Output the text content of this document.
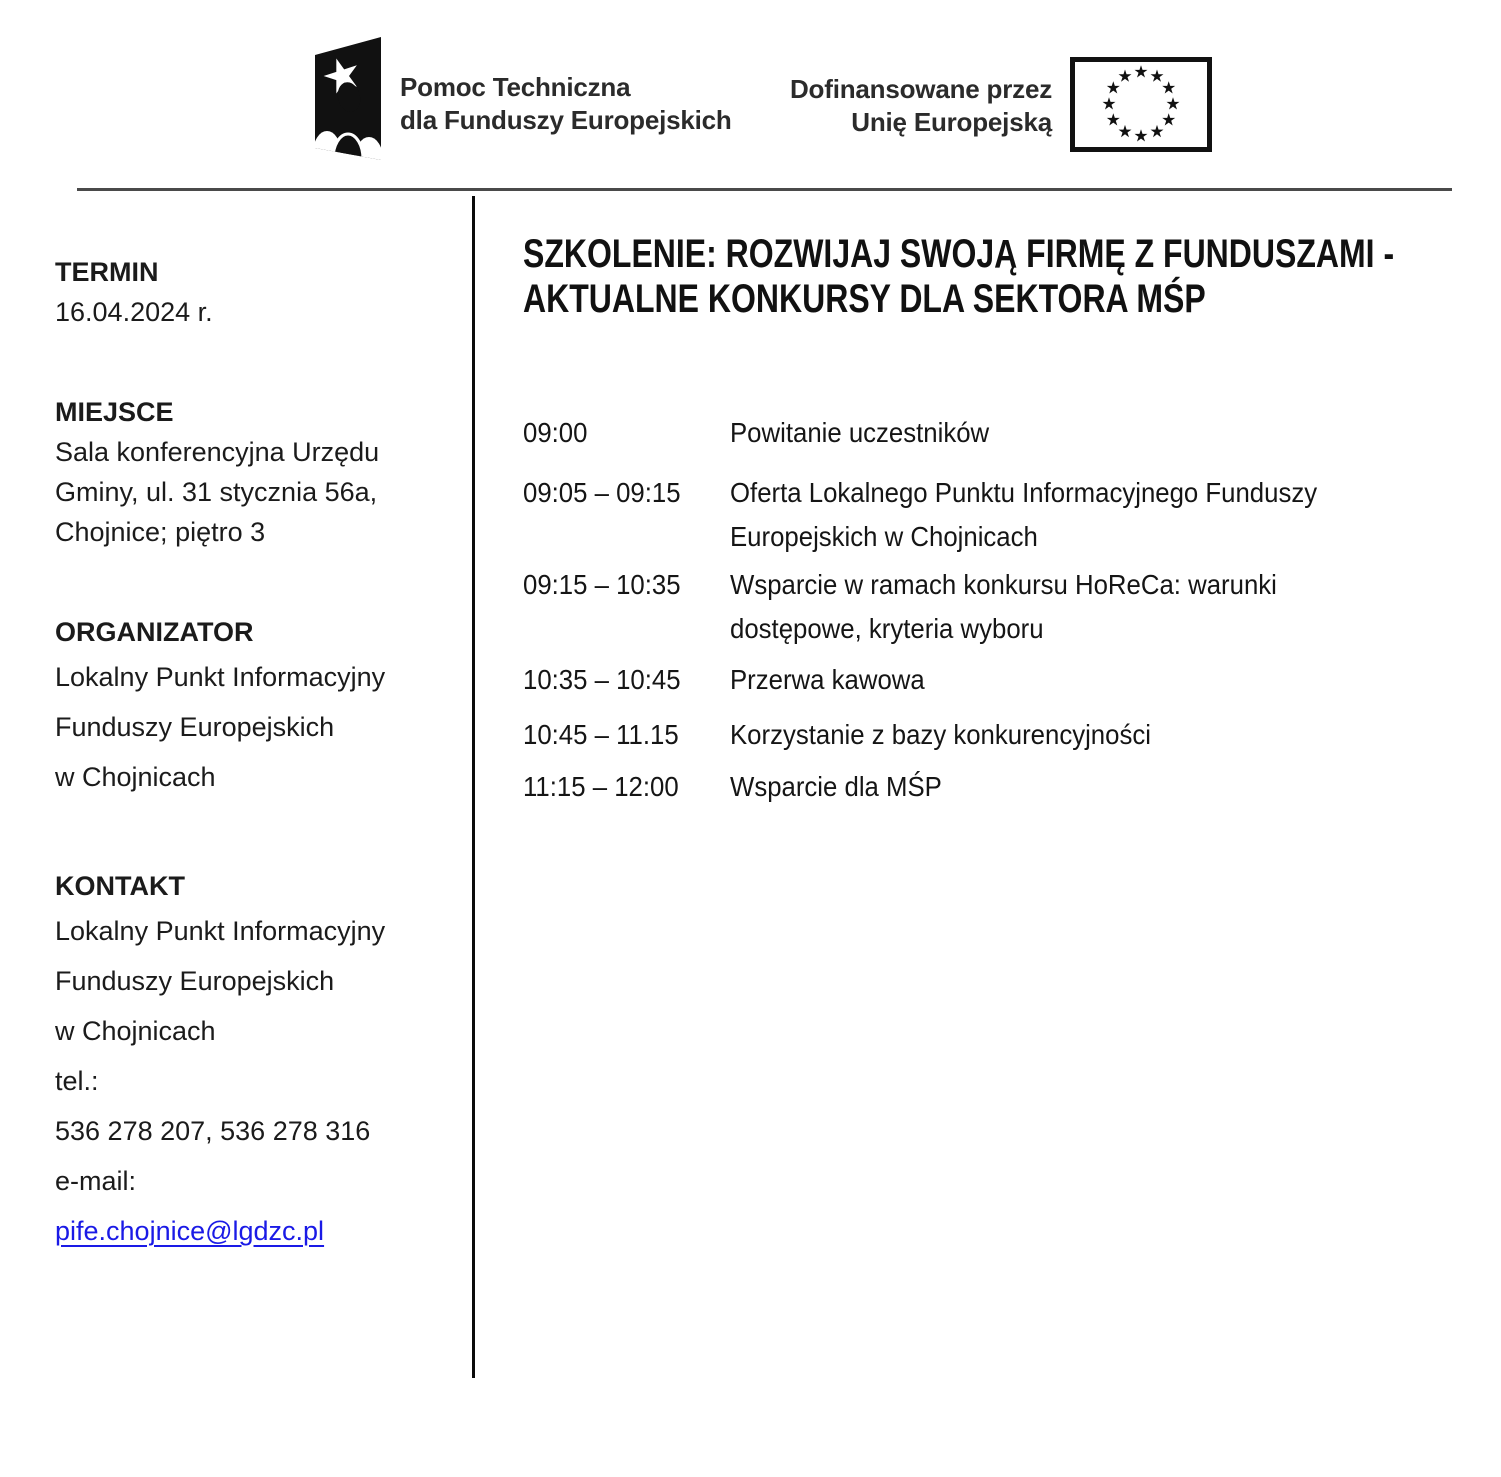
Pomoc Techniczna
dla Funduszy Europejskich
Dofinansowane przez
Unię Europejską
TERMIN
16.04.2024 r.
MIEJSCE
Sala konferencyjna Urzędu
Gminy, ul. 31 stycznia 56a,
Chojnice; piętro 3
ORGANIZATOR
Lokalny Punkt Informacyjny
Funduszy Europejskich
w Chojnicach
KONTAKT
Lokalny Punkt Informacyjny
Funduszy Europejskich
w Chojnicach
tel.:
536 278 207, 536 278 316
e-mail:
pife.chojnice@lgdzc.pl
SZKOLENIE: ROZWIJAJ SWOJĄ FIRMĘ Z FUNDUSZAMI -
AKTUALNE KONKURSY DLA SEKTORA MŚP
09:00	Powitanie uczestników
09:05 – 09:15	Oferta Lokalnego Punktu Informacyjnego Funduszy
Europejskich w Chojnicach
09:15 – 10:35	Wsparcie w ramach konkursu HoReCa: warunki
dostępowe, kryteria wyboru
10:35 – 10:45	Przerwa kawowa
10:45 – 11.15	Korzystanie z bazy konkurencyjności
11:15 – 12:00	Wsparcie dla MŚP
